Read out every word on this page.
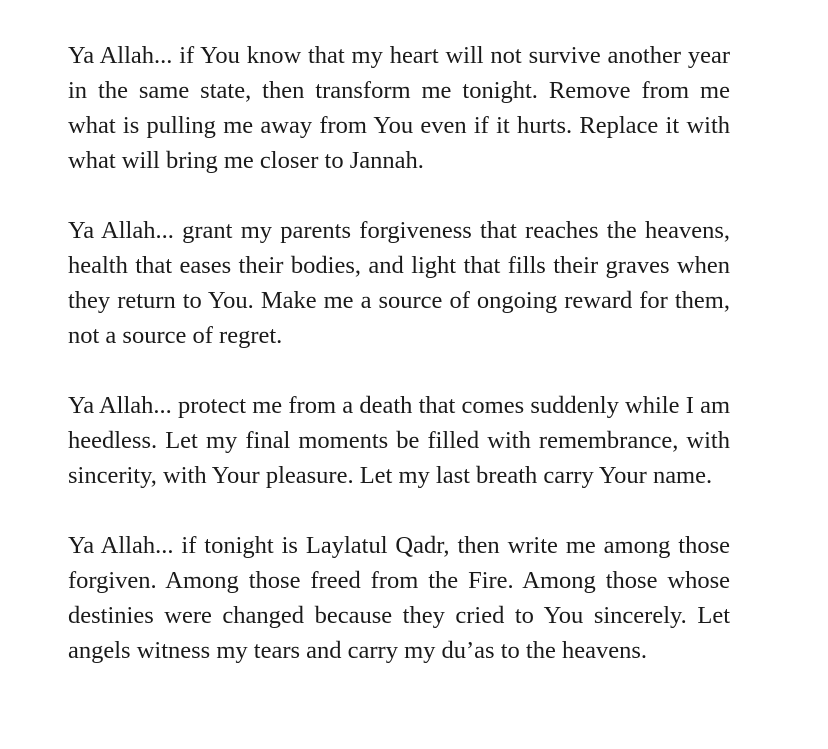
Ya Allah... if You know that my heart will not survive another year in the same state, then transform me tonight. Remove from me what is pulling me away from You even if it hurts. Replace it with what will bring me closer to Jannah.

Ya Allah... grant my parents forgiveness that reaches the heavens, health that eases their bodies, and light that fills their graves when they return to You. Make me a source of ongoing reward for them, not a source of regret.

Ya Allah... protect me from a death that comes suddenly while I am heedless. Let my final moments be filled with remembrance, with sincerity, with Your pleasure. Let my last breath carry Your name.

Ya Allah... if tonight is Laylatul Qadr, then write me among those forgiven. Among those freed from the Fire. Among those whose destinies were changed because they cried to You sincerely. Let angels witness my tears and carry my du’as to the heavens.
